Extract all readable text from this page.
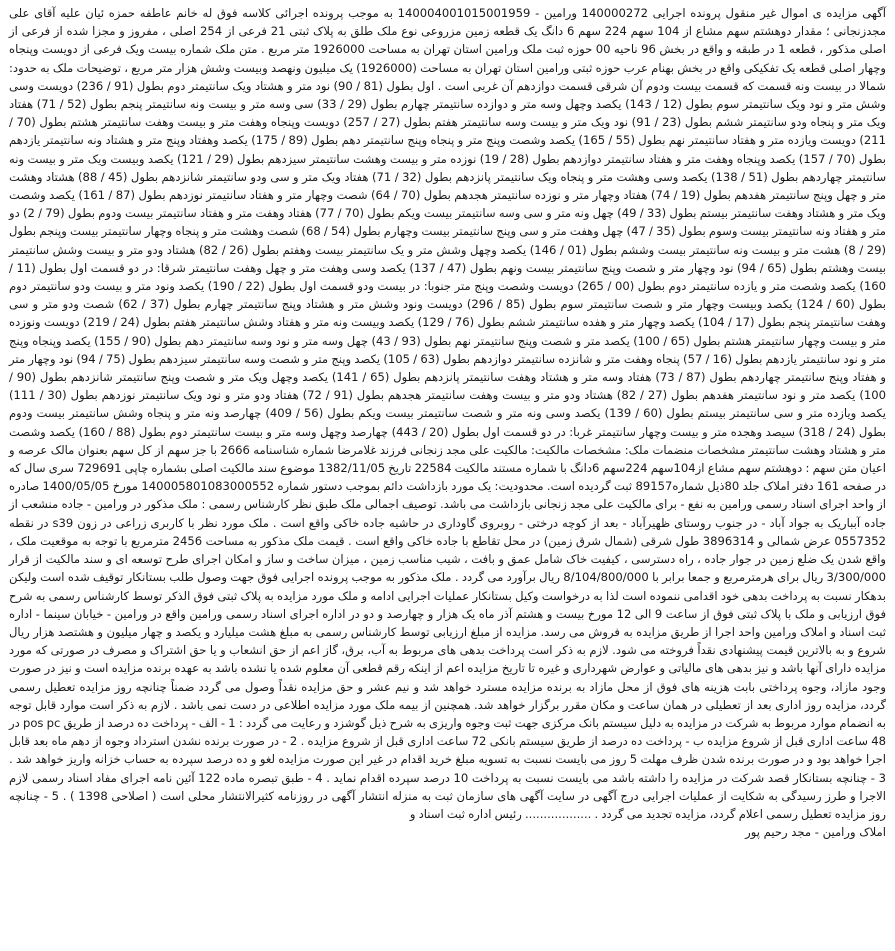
آگهی مزایده ی اموال غیر منقول پرونده اجرایی 140000272 ورامین - 140004001015001959 به موجب پرونده اجرائی کلاسه فوق له خانم عاطفه حمزه ئیان علیه آقای علی مجدزنجانی ؛ مقدار دوهشتم سهم مشاع از 104 سهم 224 سهم 6 دانگ یک قطعه زمین مزروعی نوع ملک طلق به پلاک ثبتی 21 فرعی از 254 اصلی ، مفروز و مجزا شده از فرعی از اصلی مذکور ، قطعه 1 در طبقه و واقع در بخش 96 ناحیه 00 حوزه ثبت ملک ورامین استان تهران به مساحت 1926000 متر مربع . متن ملک شماره بیست ویک فرعی از دویست وپنجاه وچهار اصلی قطعه یک تفکیکی واقع در بخش بهنام عرب حوزه ثبتی ورامین استان تهران به مساحت (1926000) یک میلیون ونهصد وبیست وشش هزار متر مربع ، توضیحات ملک به حدود: شمالا در بیست ونه قسمت که قسمت بیست ودوم آن شرقی قسمت دوازدهم آن غربی است . اول بطول (81 / 90) نود متر و هشتاد ویک سانتیمتر دوم بطول (91 / 236) دویست وسی وشش متر و نود ویک سانتیمتر سوم بطول (12 / 143) یکصد وچهل وسه متر و دوازده سانتیمتر چهارم بطول (29 / 33) سی وسه متر و بیست ونه سانتیمتر پنجم بطول (52 / 71) هفتاد ویک متر و پنجاه ودو سانتیمتر ششم بطول (23 / 91) نود ویک متر و بیست وسه سانتیمتر هفتم بطول (27 / 257) دویست وپنجاه وهفت متر و بیست وهفت سانتیمتر هشتم بطول (70 / 211) دویست ویازده متر و هفتاد سانتیمتر نهم بطول (55 / 165) یکصد وشصت وپنج متر و پنجاه وپنج سانتیمتر دهم بطول (89 / 175) یکصد وهفتاد وپنج متر و هشتاد ونه سانتیمتر یازدهم بطول (70 / 157) یکصد وپنجاه وهفت متر و هفتاد سانتیمتر دوازدهم بطول (28 / 19) نوزده متر و بیست وهشت سانتیمتر سیزدهم بطول (29 / 121) یکصد وبیست ویک متر و بیست ونه سانتیمتر چهاردهم بطول (51 / 138) یکصد وسی وهشت متر و پنجاه ویک سانتیمتر پانزدهم بطول (32 / 71) هفتاد ویک متر و سی ودو سانتیمتر شانزدهم بطول (45 / 88) هشتاد وهشت متر و چهل وپنج سانتیمتر هفدهم بطول (19 / 74) هفتاد وچهار متر و نوزده سانتیمتر هجدهم بطول (70 / 64) شصت وچهار متر و هفتاد سانتیمتر نوزدهم بطول (87 / 161) یکصد وشصت ویک متر و هشتاد وهفت سانتیمتر بیستم بطول (33 / 49) چهل ونه متر و سی وسه سانتیمتر بیست ویکم بطول (70 / 77) هفتاد وهفت متر و هفتاد سانتیمتر بیست ودوم بطول (79 / 2) دو متر و هفتاد ونه سانتیمتر بیست وسوم بطول (35 / 47) چهل وهفت متر و سی وپنج سانتیمتر بیست وچهارم بطول (54 / 68) شصت وهشت متر و پنجاه وچهار سانتیمتر بیست وپنجم بطول (29 / 8) هشت متر و بیست ونه سانتیمتر بیست وششم بطول (01 / 146) یکصد وچهل وشش متر و یک سانتیمتر بیست وهفتم بطول (26 / 82) هشتاد ودو متر و بیست وشش سانتیمتر بیست وهشتم بطول (65 / 94) نود وچهار متر و شصت وپنج سانتیمتر بیست ونهم بطول (47 / 137) یکصد وسی وهفت متر و چهل وهفت سانتیمتر شرقا: در دو قسمت اول بطول (11 / 160) یکصد وشصت متر و یازده سانتیمتر دوم بطول (00 / 265) دویست وشصت وپنج متر جنوبا: در بیست ودو قسمت اول بطول (22 / 190) یکصد ونود متر و بیست ودو سانتیمتر دوم بطول (60 / 124) یکصد وبیست وچهار متر و شصت سانتیمتر سوم بطول (85 / 296) دویست ونود وشش متر و هشتاد وپنج سانتیمتر چهارم بطول (37 / 62) شصت ودو متر و سی وهفت سانتیمتر پنجم بطول (17 / 104) یکصد وچهار متر و هفده سانتیمتر ششم بطول (76 / 129) یکصد وبیست ونه متر و هفتاد وشش سانتیمتر هفتم بطول (24 / 219) دویست ونوزده متر و بیست وچهار سانتیمتر هشتم بطول (65 / 100) یکصد متر و شصت وپنج سانتیمتر نهم بطول (93 / 43) چهل وسه متر و نود وسه سانتیمتر دهم بطول (90 / 155) یکصد وپنجاه وپنج متر و نود سانتیمتر یازدهم بطول (16 / 57) پنجاه وهفت متر و شانزده سانتیمتر دوازدهم بطول (63 / 105) یکصد وپنج متر و شصت وسه سانتیمتر سیزدهم بطول (75 / 94) نود وچهار متر و هفتاد وپنج سانتیمتر چهاردهم بطول (87 / 73) هفتاد وسه متر و هشتاد وهفت سانتیمتر پانزدهم بطول (65 / 141) یکصد وچهل ویک متر و شصت وپنج سانتیمتر شانزدهم بطول (90 / 100) یکصد متر و نود سانتیمتر هفدهم بطول (27 / 82) هشتاد ودو متر و بیست وهفت سانتیمتر هجدهم بطول (91 / 72) هفتاد ودو متر و نود ویک سانتیمتر نوزدهم بطول (30 / 111) یکصد ویازده متر و سی سانتیمتر بیستم بطول (60 / 139) یکصد وسی ونه متر و شصت سانتیمتر بیست ویکم بطول (56 / 409) چهارصد ونه متر و پنجاه وشش سانتیمتر بیست ودوم بطول (24 / 318) سیصد وهجده متر و بیست وچهار سانتیمتر غربا: در دو قسمت اول بطول (20 / 443) چهارصد وچهل وسه متر و بیست سانتیمتر دوم بطول (88 / 160) یکصد وشصت متر و هشتاد وهشت سانتیمتر مشخصات منضمات ملک: مشخصات مالکیت: مالکیت علی مجد زنجانی فرزند غلامرضا شماره شناسنامه 2666 با جز سهم از کل سهم بعنوان مالک عرصه و اعیان متن سهم : دوهشتم سهم مشاع از104سهم 224سهم 6دانگ با شماره مستند مالکیت 22584 تاریخ 1382/11/05 موضوع سند مالکیت اصلی بشماره چاپی 729691 سری سال که در صفحه 161 دفتر املاک جلد 80ذیل شماره89157 ثبت گردیده است. محدودیت: یک مورد بازداشت دائم بموجب دستور شماره 140005801083000552 مورخ 1400/05/05 صادره از واحد اجرای اسناد رسمی ورامین به نفع - برای مالکیت علی مجد زنجانی بازداشت می باشد. توصیف اجمالی ملک طبق نظر کارشناس رسمی : ملک مذکور در ورامین - جاده منشعب از جاده آبباریک به جواد آباد - در جنوب روستای ظهیرآباد - بعد از کوچه درختی - روبروی گاوداری در حاشیه جاده خاکی واقع است . ملک مورد نظر با کاربری زراعی در زون s39 در نقطه 0557352 عرض شمالی و 3896314 طول شرقی (شمال شرق زمین) در محل تقاطع با جاده خاکی واقع است . قیمت ملک مذکور به مساحت 2456 مترمربع با توجه به موقعیت ملک ، واقع شدن یک ضلع زمین در جوار جاده ، راه دسترسی ، کیفیت خاک شامل عمق و بافت ، شیب مناسب زمین ، میزان ساخت و ساز و امکان اجرای طرح توسعه ای و سند مالکیت از قرار 3/300/000 ریال برای هرمترمربع و جمعا برابر با 8/104/800/000 ریال برآورد می گردد . ملک مذکور به موجب پرونده اجرایی فوق جهت وصول طلب بستانکار توقیف شده است ولیکن بدهکار نسبت به پرداخت بدهی خود اقدامی ننموده است لذا به درخواست وکیل بستانکار عملیات اجرایی ادامه و ملک مورد مزایده به پلاک ثبتی فوق الذکر توسط کارشناس رسمی به شرح فوق ارزیابی و ملک با پلاک ثبتی فوق از ساعت 9 الی 12 مورخ بیست و هشتم آذر ماه یک هزار و چهارصد و دو در اداره اجرای اسناد رسمی ورامین واقع در ورامین - خیابان سینما - اداره ثبت اسناد و املاک ورامین واحد اجرا از طریق مزایده به فروش می رسد. مزایده از مبلغ ارزیابی توسط کارشناس رسمی به مبلغ هشت میلیارد و یکصد و چهار میلیون و هشتصد هزار ریال شروع و به بالاترین قیمت پیشنهادی نقداً فروخته می شود. لازم به ذکر است پرداخت بدهی های مربوط به آب، برق، گاز اعم از حق انشعاب و یا حق اشتراک و مصرف در صورتی که مورد مزایده دارای آنها باشد و نیز بدهی های مالیاتی و عوارض شهرداری و غیره تا تاریخ مزایده اعم از اینکه رقم قطعی آن معلوم شده یا نشده باشد به عهده برنده مزایده است و نیز در صورت وجود مازاد، وجوه پرداختی بابت هزینه های فوق از محل مازاد به برنده مزایده مسترد خواهد شد و نیم عشر و حق مزایده نقداً وصول می گردد ضمناً چنانچه روز مزایده تعطیل رسمی گردد، مزایده روز اداری بعد از تعطیلی در همان ساعت و مکان مقرر برگزار خواهد شد. همچنین از بیمه ملک مورد مزایده اطلاعی در دست نمی باشد . لازم به ذکر است موارد قابل توجه به انضمام موارد مربوط به شرکت در مزایده به دلیل سیستم بانک مرکزی جهت ثبت وجوه واریزی به شرح ذیل گوشزد و رعایت می گردد : 1 - الف - پرداخت ده درصد از طریق pos pc در 48 ساعت اداری قبل از شروع مزایده ب - پرداخت ده درصد از طریق سیستم بانکی 72 ساعت اداری قبل از شروع مزایده . 2 - در صورت برنده نشدن استرداد وجوه از دهم ماه بعد قابل اجرا خواهد بود و در صورت برنده شدن ظرف مهلت 5 روز می بایست نسبت به تسویه مبلغ خرید اقدام در غیر این صورت مزایده لغو و ده درصد سپرده به حساب خزانه واریز خواهد شد . 3 - چنانچه بستانکار قصد شرکت در مزایده را داشته باشد می بایست نسبت به پرداخت 10 درصد سپرده اقدام نماید . 4 - طبق تبصره ماده 122 آئین نامه اجرای مفاد اسناد رسمی لازم الاجرا و طرز رسیدگی به شکایت از عملیات اجرایی درج آگهی در سایت آگهی های سازمان ثبت به منزله انتشار آگهی در روزنامه کثیرالانتشار محلی است ( اصلاحی 1398 ) . 5 - چنانچه روز مزایده تعطیل رسمی اعلام گردد، مزایده تجدید می گردد . .................. رئیس اداره ثبت اسناد و

املاک ورامین - مجد رحیم پور
